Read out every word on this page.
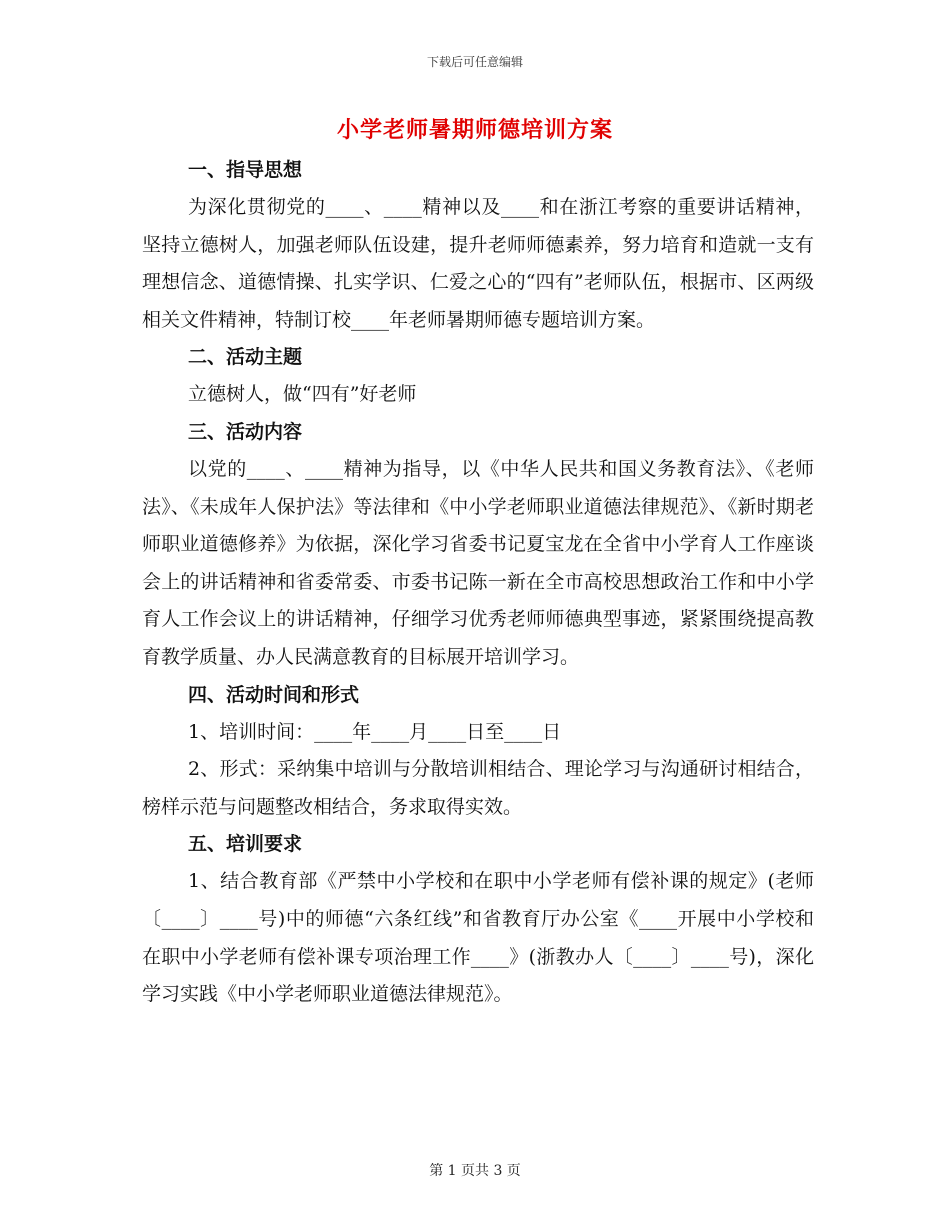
下载后可任意编辑
小学老师暑期师德培训方案
一、指导思想
为深化贯彻党的____、____精神以及____和在浙江考察的重要讲话精神，坚持立德树人，加强老师队伍设建，提升老师师德素养，努力培育和造就一支有理想信念、道德情操、扎实学识、仁爱之心的“四有”老师队伍，根据市、区两级相关文件精神，特制订校____年老师暑期师德专题培训方案。
二、活动主题
立德树人，做“四有”好老师
三、活动内容
以党的____、____精神为指导，以《中华人民共和国义务教育法》、《老师法》、《未成年人保护法》等法律和《中小学老师职业道德法律规范》、《新时期老师职业道德修养》为依据，深化学习省委书记夏宝龙在全省中小学育人工作座谈会上的讲话精神和省委常委、市委书记陈一新在全市高校思想政治工作和中小学育人工作会议上的讲话精神，仔细学习优秀老师师德典型事迹，紧紧围绕提高教育教学质量、办人民满意教育的目标展开培训学习。
四、活动时间和形式
1、培训时间：____年____月____日至____日
2、形式：采纳集中培训与分散培训相结合、理论学习与沟通研讨相结合，榜样示范与问题整改相结合，务求取得实效。
五、培训要求
1、结合教育部《严禁中小学校和在职中小学老师有偿补课的规定》(老师〔____〕____号)中的师德“六条红线”和省教育厅办公室《____开展中小学校和在职中小学老师有偿补课专项治理工作____》(浙教办人〔____〕____号)，深化学习实践《中小学老师职业道德法律规范》。
第 1 页共 3 页
